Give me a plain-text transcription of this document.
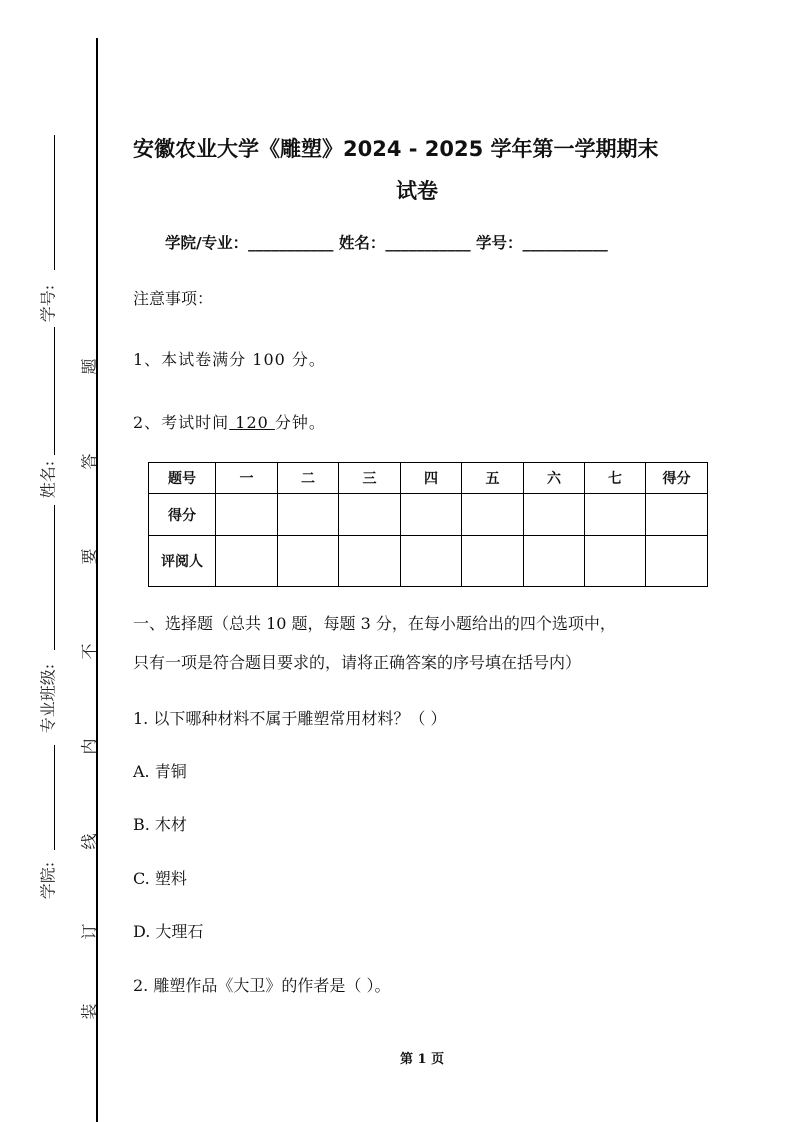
学号:
姓名:
专业班级:
学院:
装
订
线
内
不
要
答
题
安徽农业大学《雕塑》2024 - 2025 学年第一学期期末
试卷
学院/专业：___________ 姓名：___________ 学号：___________
注意事项：
1、本试卷满分 100 分。
2、考试时间 120 分钟。
题号	一	二	三	四	五	六	七	得分
得分								
评阅人								
一、选择题（总共 10 题，每题 3 分，在每小题给出的四个选项中，
只有一项是符合题目要求的，请将正确答案的序号填在括号内）
1. 以下哪种材料不属于雕塑常用材料？（ ）
A. 青铜
B. 木材
C. 塑料
D. 大理石
2. 雕塑作品《大卫》的作者是（ ）。
第 1 页
